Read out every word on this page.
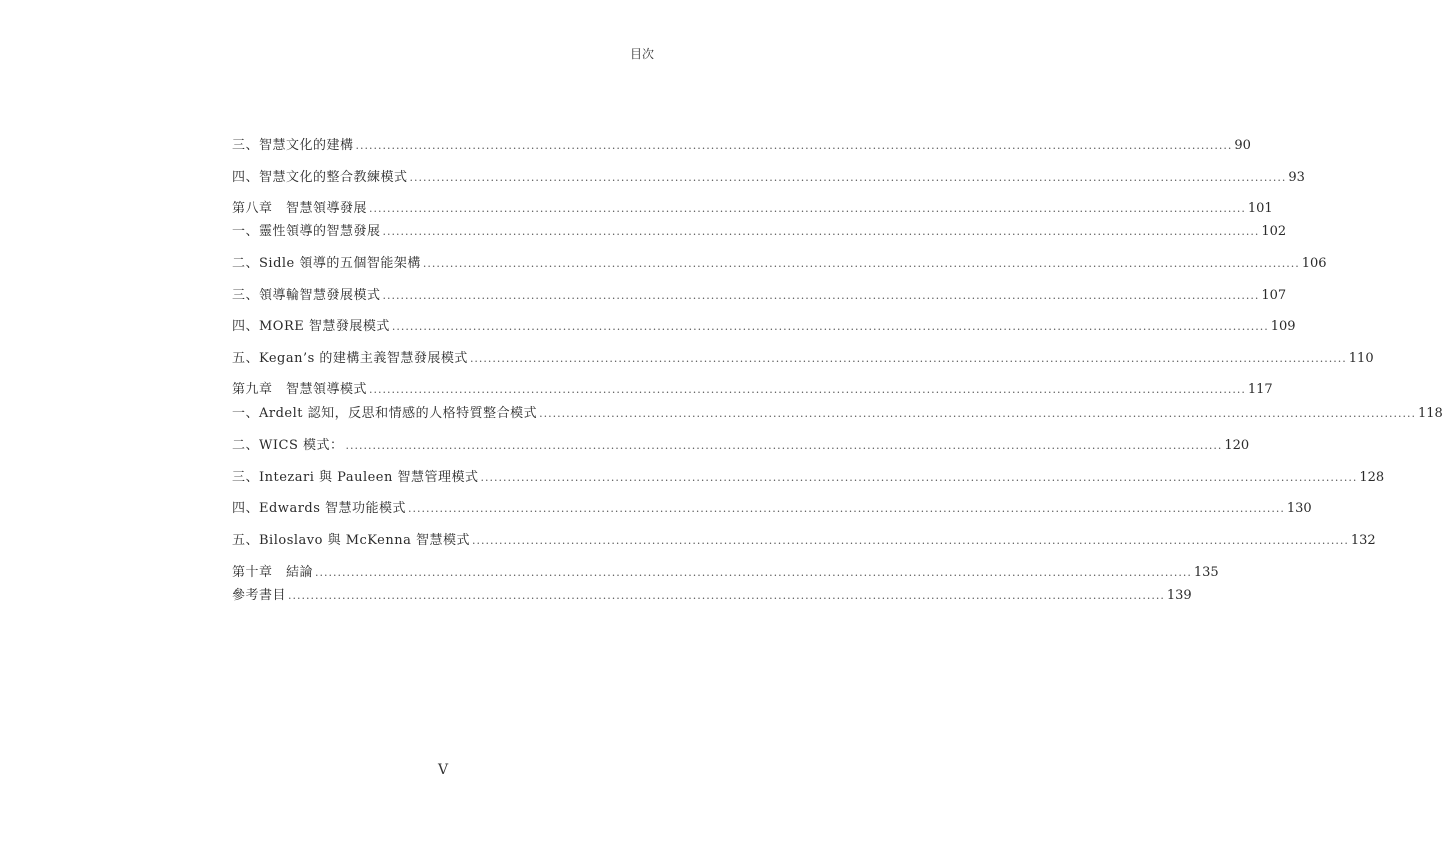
目次
三、智慧文化的建構 ................................................................................................................................................................................................... 90
四、智慧文化的整合教練模式 ................................................................................................................................................................................................... 93
第八章　智慧領導發展 ................................................................................................................................................................................................... 101
一、靈性領導的智慧發展 ................................................................................................................................................................................................... 102
二、Sidle 領導的五個智能架構 ................................................................................................................................................................................................... 106
三、領導輪智慧發展模式 ................................................................................................................................................................................................... 107
四、MORE 智慧發展模式 ................................................................................................................................................................................................... 109
五、Kegan’s 的建構主義智慧發展模式 ................................................................................................................................................................................................... 110
第九章　智慧領導模式 ................................................................................................................................................................................................... 117
一、Ardelt 認知，反思和情感的人格特質整合模式 ................................................................................................................................................................................................... 118
二、WICS 模式： ................................................................................................................................................................................................... 120
三、Intezari 與 Pauleen 智慧管理模式 ................................................................................................................................................................................................... 128
四、Edwards 智慧功能模式 ................................................................................................................................................................................................... 130
五、Biloslavo 與 McKenna 智慧模式 ................................................................................................................................................................................................... 132
第十章　結論 ................................................................................................................................................................................................... 135
參考書目 ................................................................................................................................................................................................... 139
V
